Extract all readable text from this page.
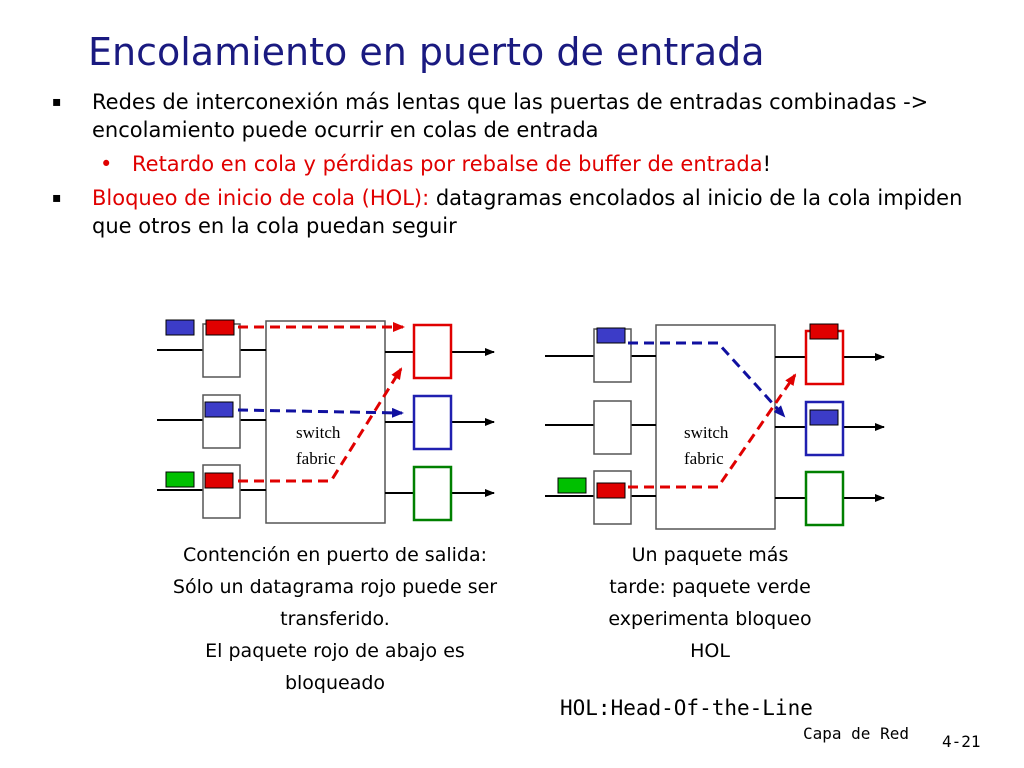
Encolamiento en puerto de entrada
▪ Redes de interconexión más lentas que las puertas de entradas combinadas -> encolamiento puede ocurrir en colas de entrada
• Retardo en cola y pérdidas por rebalse de buffer de entrada!
▪ Bloqueo de inicio de cola (HOL): datagramas encolados al inicio de la cola impiden que otros en la cola puedan seguir
switch
fabric
switch
fabric
Contención en puerto de salida:
Sólo un datagrama rojo puede ser
transferido.
El paquete rojo de abajo es
bloqueado
Un paquete más
tarde: paquete verde
experimenta bloqueo
HOL
HOL:Head-Of-the-Line
Capa de Red 4-21
